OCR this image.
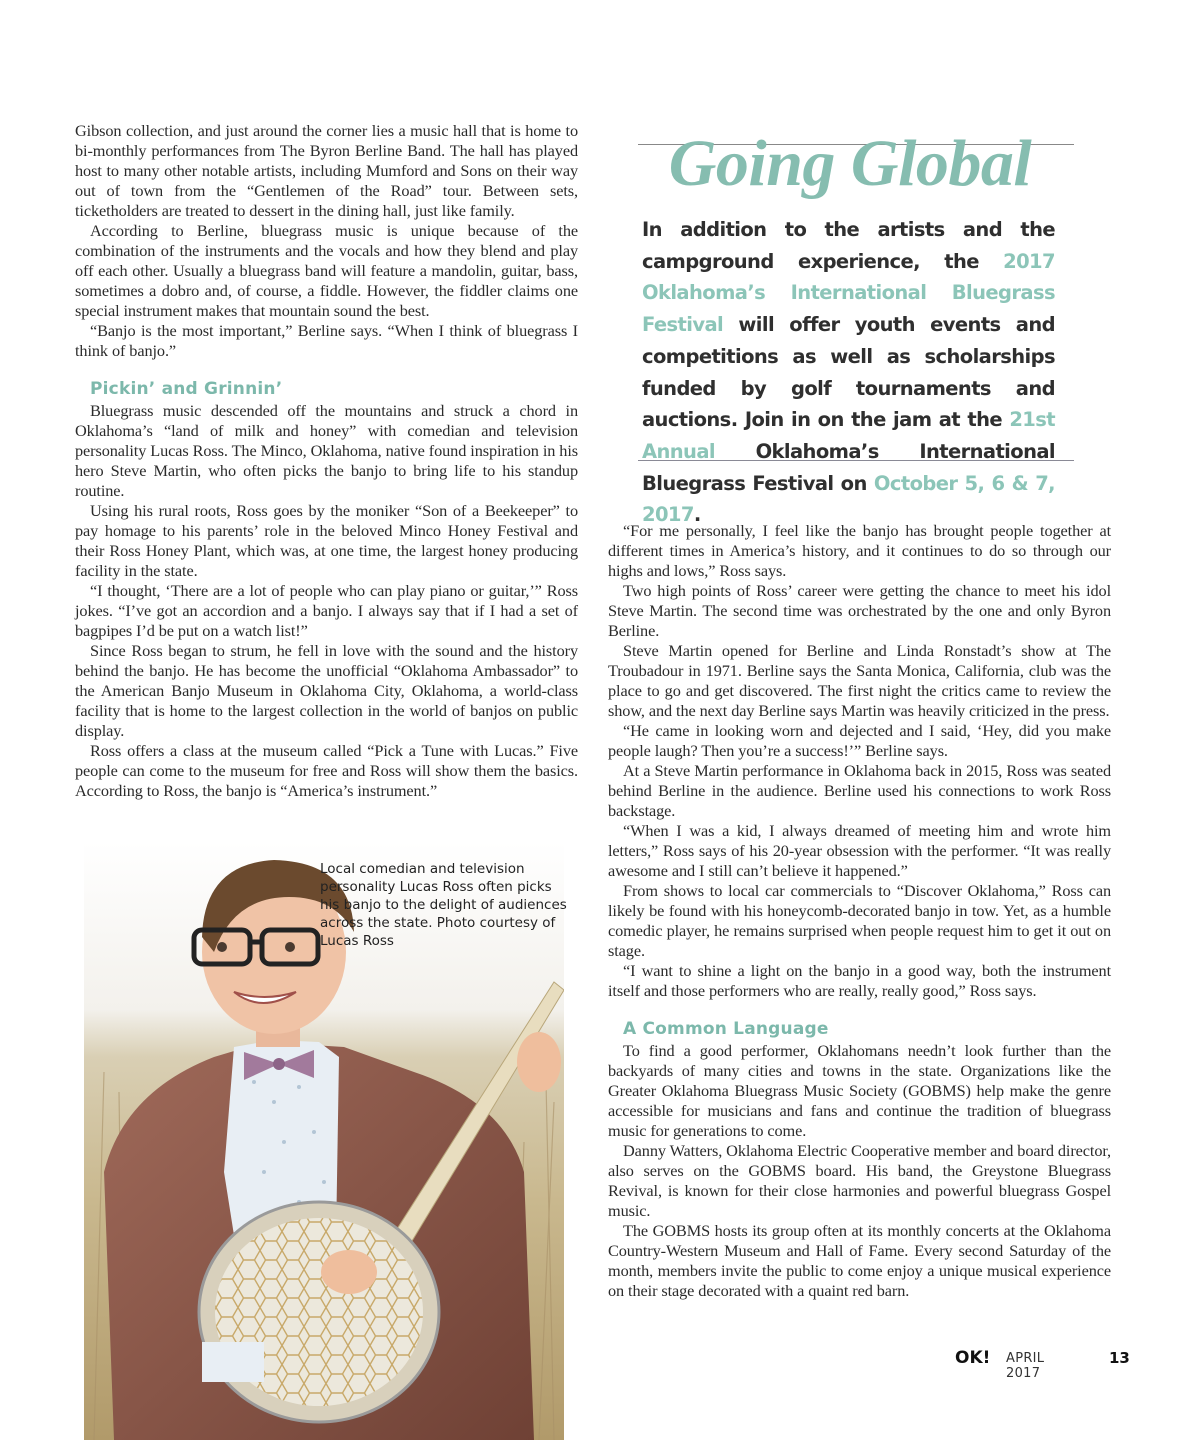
Gibson collection, and just around the corner lies a music hall that is home to bi-monthly performances from The Byron Berline Band. The hall has played host to many other notable artists, including Mumford and Sons on their way out of town from the “Gentlemen of the Road” tour. Between sets, ticketholders are treated to dessert in the dining hall, just like family.

According to Berline, bluegrass music is unique because of the combination of the instruments and the vocals and how they blend and play off each other. Usually a bluegrass band will feature a mandolin, guitar, bass, sometimes a dobro and, of course, a fiddle. However, the fiddler claims one special instrument makes that mountain sound the best.

“Banjo is the most important,” Berline says. “When I think of bluegrass I think of banjo.”

Pickin’ and Grinnin’

Bluegrass music descended off the mountains and struck a chord in Oklahoma’s “land of milk and honey” with comedian and television personality Lucas Ross. The Minco, Oklahoma, native found inspiration in his hero Steve Martin, who often picks the banjo to bring life to his standup routine.

Using his rural roots, Ross goes by the moniker “Son of a Beekeeper” to pay homage to his parents’ role in the beloved Minco Honey Festival and their Ross Honey Plant, which was, at one time, the largest honey producing facility in the state.

“I thought, ‘There are a lot of people who can play piano or guitar,’” Ross jokes. “I’ve got an accordion and a banjo. I always say that if I had a set of bagpipes I’d be put on a watch list!”

Since Ross began to strum, he fell in love with the sound and the history behind the banjo. He has become the unofficial “Oklahoma Ambassador” to the American Banjo Museum in Oklahoma City, Oklahoma, a world-class facility that is home to the largest collection in the world of banjos on public display.

Ross offers a class at the museum called “Pick a Tune with Lucas.” Five people can come to the museum for free and Ross will show them the basics. According to Ross, the banjo is “America’s instrument.”

Going Global
In addition to the artists and the campground experience, the 2017 Oklahoma’s International Bluegrass Festival will offer youth events and competitions as well as scholarships funded by golf tournaments and auctions. Join in on the jam at the 21st Annual Oklahoma’s International Bluegrass Festival on October 5, 6 & 7, 2017.
Local comedian and television personality Lucas Ross often picks his banjo to the delight of audiences across the state. Photo courtesy of Lucas Ross

“For me personally, I feel like the banjo has brought people together at different times in America’s history, and it continues to do so through our highs and lows,” Ross says.

Two high points of Ross’ career were getting the chance to meet his idol Steve Martin. The second time was orchestrated by the one and only Byron Berline.

Steve Martin opened for Berline and Linda Ronstadt’s show at The Troubadour in 1971. Berline says the Santa Monica, California, club was the place to go and get discovered. The first night the critics came to review the show, and the next day Berline says Martin was heavily criticized in the press.

“He came in looking worn and dejected and I said, ‘Hey, did you make people laugh? Then you’re a success!’” Berline says.

At a Steve Martin performance in Oklahoma back in 2015, Ross was seated behind Berline in the audience. Berline used his connections to work Ross backstage.

“When I was a kid, I always dreamed of meeting him and wrote him letters,” Ross says of his 20-year obsession with the performer. “It was really awesome and I still can’t believe it happened.”

From shows to local car commercials to “Discover Oklahoma,” Ross can likely be found with his honeycomb-decorated banjo in tow. Yet, as a humble comedic player, he remains surprised when people request him to get it out on stage.

“I want to shine a light on the banjo in a good way, both the instrument itself and those performers who are really, really good,” Ross says.

A Common Language

To find a good performer, Oklahomans needn’t look further than the backyards of many cities and towns in the state. Organizations like the Greater Oklahoma Bluegrass Music Society (GOBMS) help make the genre accessible for musicians and fans and continue the tradition of bluegrass music for generations to come.

Danny Watters, Oklahoma Electric Cooperative member and board director, also serves on the GOBMS board. His band, the Greystone Bluegrass Revival, is known for their close harmonies and powerful bluegrass Gospel music.

The GOBMS hosts its group often at its monthly concerts at the Oklahoma Country-Western Museum and Hall of Fame. Every second Saturday of the month, members invite the public to come enjoy a unique musical experience on their stage decorated with a quaint red barn.

OK! APRIL 2017
13
